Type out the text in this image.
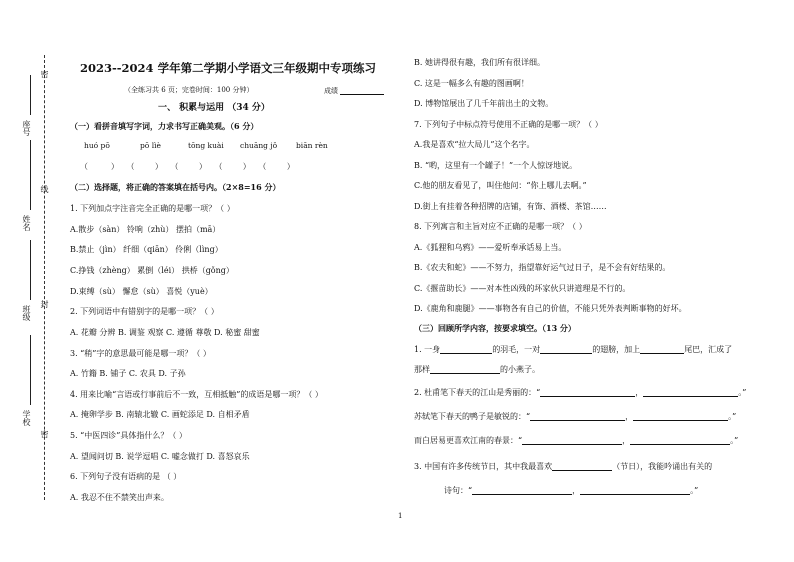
密
封
线
密
座号
姓名
班级
学校
2023--2024 学年第二学期小学语文三年级期中专项练习
（全练习共 6 页；完卷时间：100 分钟）	成绩
一、 积累与运用 （34 分）
（一）看拼音填写字词，力求书写正确美观。（6 分）
huó pō	pō lìè	tōng kuài chuāng jǒ	biān rèn
（         ）   （        ）   （        ）   （        ）   （        ）
（二）选择题，将正确的答案填在括号内。（2×8=16 分）
1. 下列加点字注音完全正确的是哪一项？（ ）
A.散步（sàn） 铃响（zhù） 摆拍（mā）
B.禁止（jìn） 纤细（qiān） 伶俐（lìng）
C.挣钱（zhèng） 累倒（léi） 拱桥（gǒng）
D.束缚（sù） 懈怠（sù） 喜悦（yuè）
2. 下列词语中有错别字的是哪一项？（ ）
A. 花瓣 分辨 B. 调鉴 观察 C. 遵循 尊敬 D. 秘蜜 甜蜜
3. “稍”字的意思最可能是哪一项？（ ）
A. 竹籍 B. 铺子 C. 农具 D. 子孙
4. 用来比喻“言语或行事前后不一致，互相抵触”的成语是哪一项？（ ）
A. 掩卵学步 B. 南辕北辙 C. 画蛇添足 D. 自相矛盾
5. “中医四诊”具体指什么？（ ）
A. 望闻问切 B. 说学逗唱 C. 嘘念做打 D. 喜怒哀乐
6. 下列句子没有语病的是 （ ）
A. 我忍不住不禁笑出声来。
B. 她讲得很有趣，我们所有很详细。
C. 这是一幅多么有趣的图画啊！
D. 博物馆展出了几千年前出土的文物。
7. 下列句子中标点符号使用不正确的是哪一项？（ ）
A.我是喜欢“拉大局儿”这个名字。
B. “哟，这里有一个罐子！”一个人惊讶地说。
C.他的朋友看见了，叫住他问：“你上哪儿去啊。”
D.街上有挂着各种招牌的店铺，有饰、酒楼、茶馆……
8. 下列寓言和主旨对应不正确的是哪一项？（ ）
A.《狐狸和乌鸦》——爱听奉承话易上当。
B.《农夫和蛇》——不努力，指望靠好运气过日子，是不会有好结果的。
C.《揠苗助长》——对本性凶残的坏家伙只讲道理是不行的。
D.《鹿角和鹿腿》——事物各有自己的价值，不能只凭外表判断事物的好坏。
（三）回顾所学内容，按要求填空。（13 分）
1. 一身	的羽毛，一对	的翅膀，加上	尾巴，汇成了
那样	的小燕子。
2. 杜甫笔下春天的江山是秀丽的：“	，	。”
苏轼笔下春天的鸭子是敏锐的：“	，	。”
而白居易更喜欢江南的春景：“	，	。”
3. 中国有许多传统节日，其中我最喜欢	（节日），我能吟诵出有关的
诗句：“	，	。”
1
